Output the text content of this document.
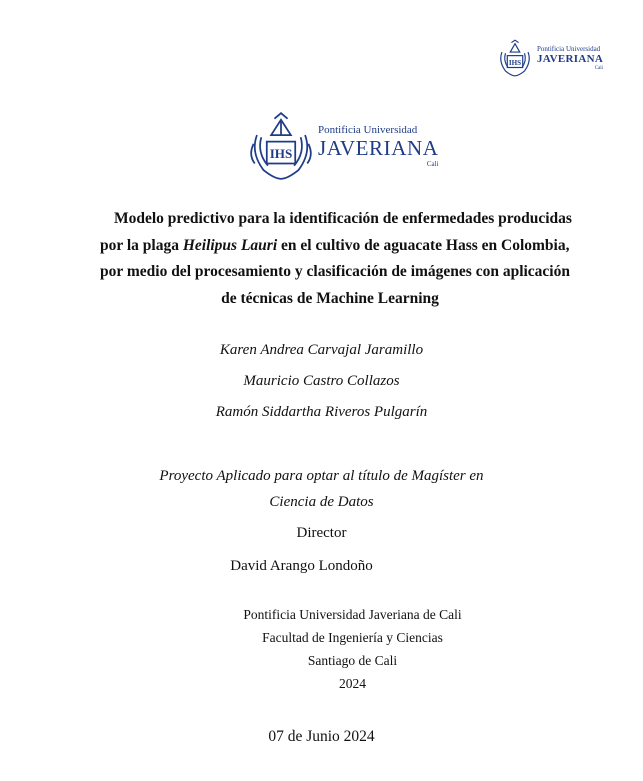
IHS
Pontificia Universidad
JAVERIANA
Cali
IHS
Pontificia Universidad
JAVERIANA
Cali
Modelo predictivo para la identificación de enfermedades producidas
por la plaga Heilipus Lauri en el cultivo de aguacate Hass en Colombia,
por medio del procesamiento y clasificación de imágenes con aplicación
de técnicas de Machine Learning
Karen Andrea Carvajal Jaramillo
Mauricio Castro Collazos
Ramón Siddartha Riveros Pulgarín
Proyecto Aplicado para optar al título de Magíster en
Ciencia de Datos
Director
David Arango Londoño
Pontificia Universidad Javeriana de Cali
Facultad de Ingeniería y Ciencias
Santiago de Cali
2024
07 de Junio 2024
